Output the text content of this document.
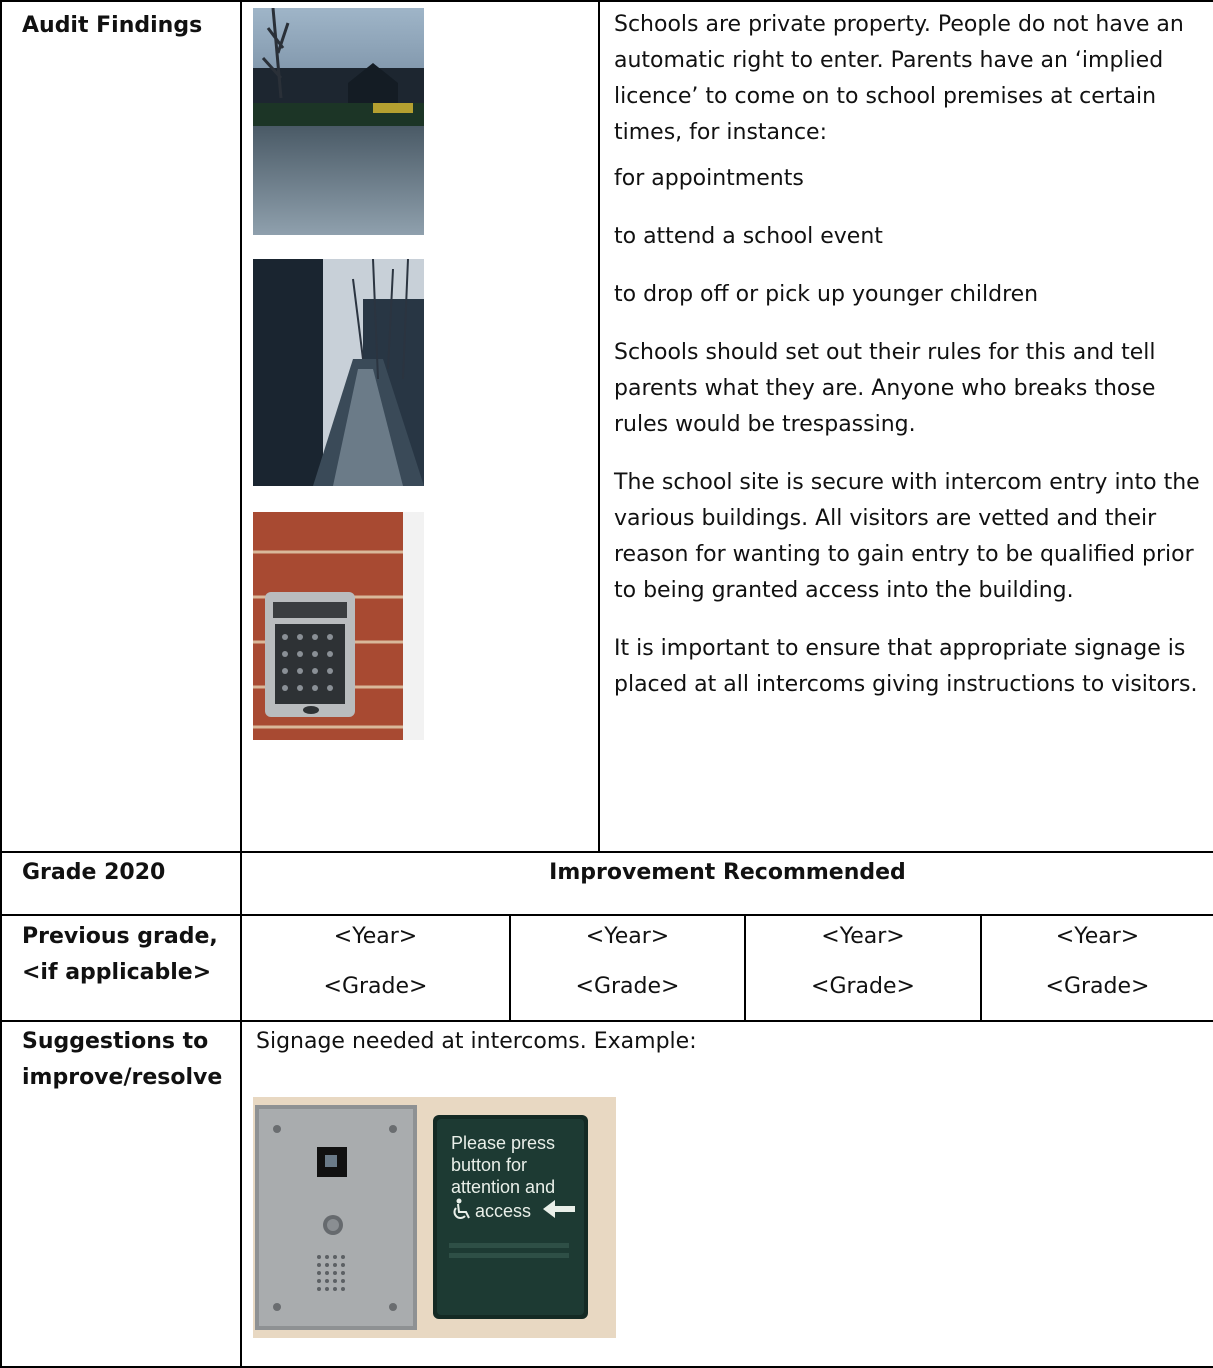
Audit Findings	Schools are private property. People do not have an automatic right to enter. Parents have an ‘implied licence’ to come on to school premises at certain times, for instance:

for appointments

to attend a school event

to drop off or pick up younger children

Schools should set out their rules for this and tell parents what they are. Anyone who breaks those rules would be trespassing.

The school site is secure with intercom entry into the various buildings. All visitors are vetted and their reason for wanting to gain entry to be qualified prior to being granted access into the building.

It is important to ensure that appropriate signage is placed at all intercoms giving instructions to visitors.

Grade 2020	Improvement Recommended
Previous grade, <if applicable>
<Year>
<Grade>
<Year>
<Grade>
<Year>
<Grade>
<Year>
<Grade>
Suggestions to improve/resolve
Signage needed at intercoms. Example:
Please press
button for
attention and
access
